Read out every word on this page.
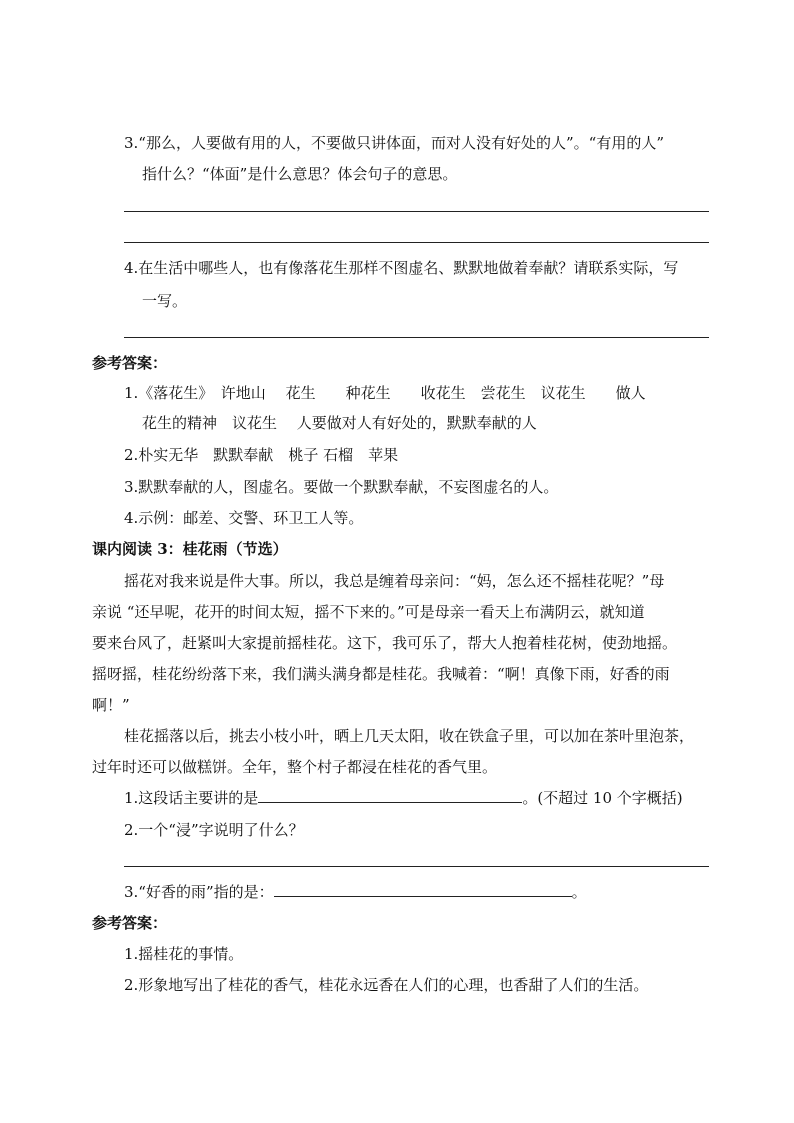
3.“那么，人要做有用的人，不要做只讲体面，而对人没有好处的人”。“有用的人”
指什么？“体面”是什么意思？体会句子的意思。
4.在生活中哪些人，也有像落花生那样不图虚名、默默地做着奉献？请联系实际，写
一写。
参考答案：
1.《落花生》　许地山　 花生　　种花生　　收花生　尝花生　议花生　　做人
花生的精神　议花生　 人要做对人有好处的，默默奉献的人
2.朴实无华　默默奉献　桃子 石榴　苹果
3.默默奉献的人，图虚名。要做一个默默奉献，不妄图虚名的人。
4.示例：邮差、交警、环卫工人等。
课内阅读 3：桂花雨（节选）
摇花对我来说是件大事。所以，我总是缠着母亲问：“妈，怎么还不摇桂花呢？”母
亲说 “还早呢，花开的时间太短，摇不下来的。”可是母亲一看天上布满阴云，就知道
要来台风了，赶紧叫大家提前摇桂花。这下，我可乐了，帮大人抱着桂花树，使劲地摇。
摇呀摇，桂花纷纷落下来，我们满头满身都是桂花。我喊着：“啊！真像下雨，好香的雨
啊！”
桂花摇落以后，挑去小枝小叶，晒上几天太阳，收在铁盒子里，可以加在茶叶里泡茶，
过年时还可以做糕饼。全年，整个村子都浸在桂花的香气里。
1.这段话主要讲的是	。(不超过 10 个字概括)
2.一个“浸”字说明了什么？
3.“好香的雨”指的是：	。
参考答案：
1.摇桂花的事情。
2.形象地写出了桂花的香气，桂花永远香在人们的心理，也香甜了人们的生活。
